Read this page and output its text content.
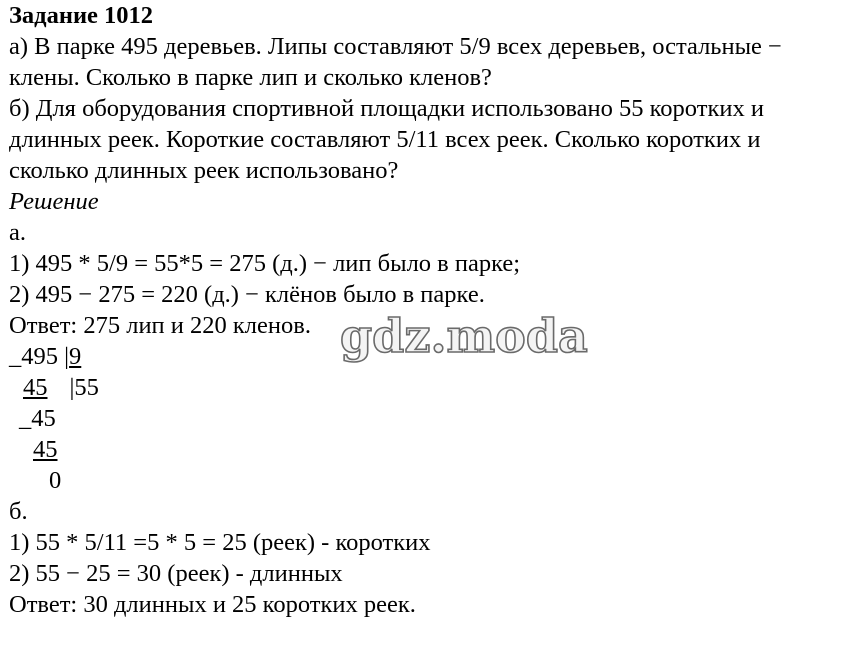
Задание 1012
а) В парке 495 деревьев. Липы составляют 5/9 всех деревьев, остальные −
клены. Сколько в парке лип и сколько кленов?
б) Для оборудования спортивной площадки использовано 55 коротких и
длинных реек. Короткие составляют 5/11 всех реек. Сколько коротких и
сколько длинных реек использовано?
Решение
а.
1) 495 * 5/9 = 55*5 = 275 (д.) − лип было в парке;
2) 495 − 275 = 220 (д.) − клёнов было в парке.
Ответ: 275 лип и 220 кленов.
_495 |9
45 |55
_45
45
0
б.
1) 55 * 5/11 =5 * 5 = 25 (реек) - коротких
2) 55 − 25 = 30 (реек) - длинных
Ответ: 30 длинных и 25 коротких реек.
gdz.moda
